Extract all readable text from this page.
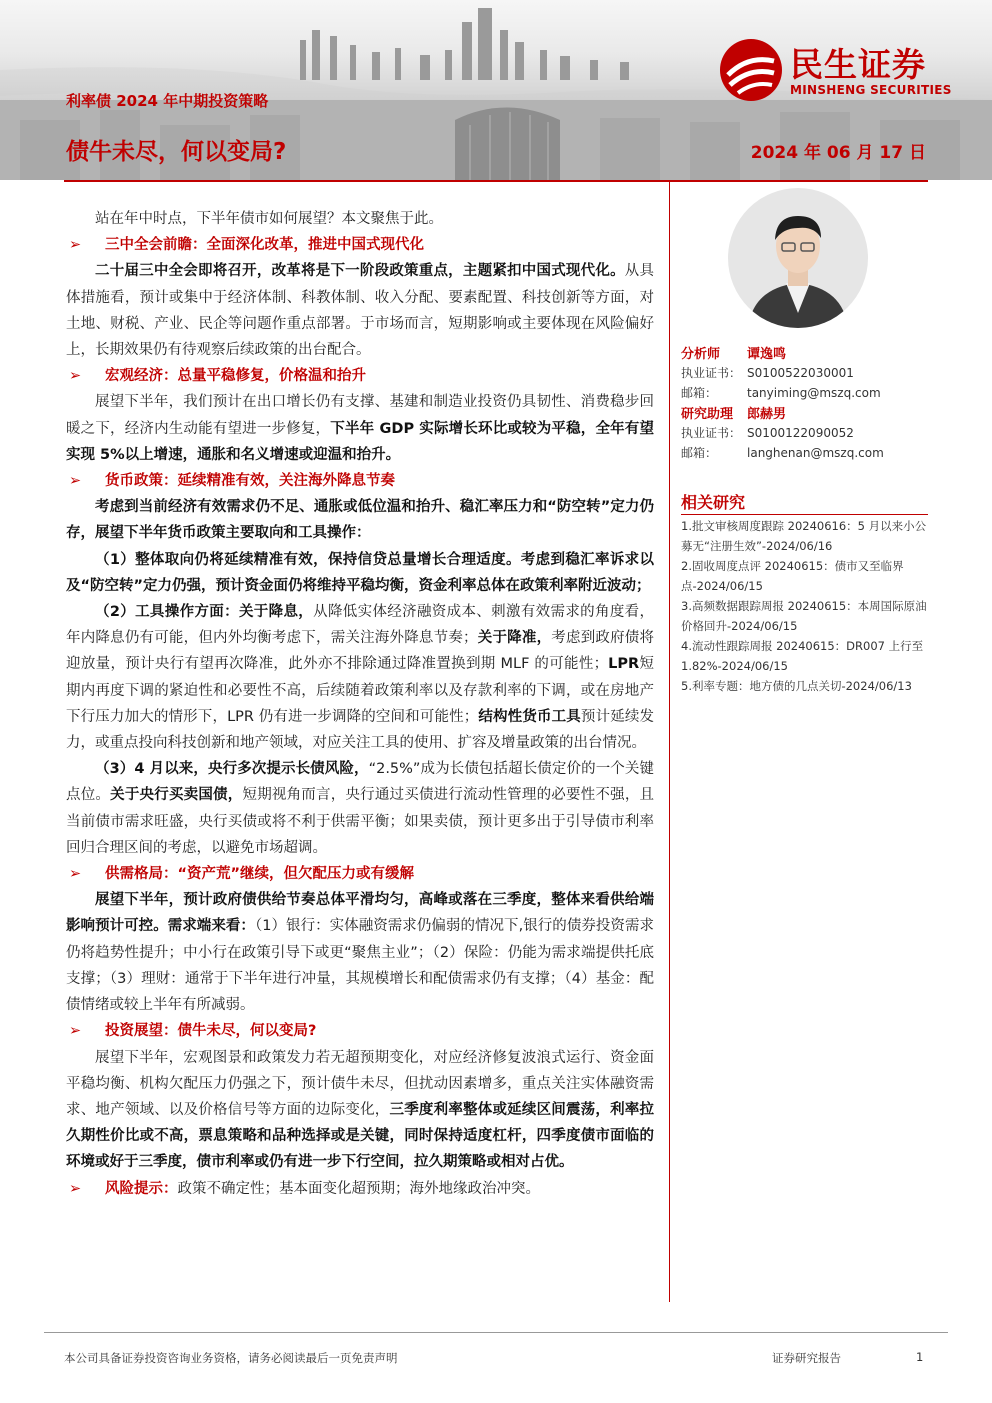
利率债 2024 年中期投资策略
债牛未尽，何以变局?	2024 年 06 月 17 日
民生证券
MINSHENG SECURITIES

站在年中时点，下半年债市如何展望？本文聚焦于此。

➢ 三中全会前瞻：全面深化改革，推进中国式现代化

二十届三中全会即将召开，改革将是下一阶段政策重点，主题紧扣中国式现代化。从具体措施看，预计或集中于经济体制、科教体制、收入分配、要素配置、科技创新等方面，对土地、财税、产业、民企等问题作重点部署。于市场而言，短期影响或主要体现在风险偏好上，长期效果仍有待观察后续政策的出台配合。

➢ 宏观经济：总量平稳修复，价格温和抬升

展望下半年，我们预计在出口增长仍有支撑、基建和制造业投资仍具韧性、消费稳步回暖之下，经济内生动能有望进一步修复，下半年 GDP 实际增长环比或较为平稳，全年有望实现 5%以上增速，通胀和名义增速或迎温和抬升。

➢ 货币政策：延续精准有效，关注海外降息节奏

考虑到当前经济有效需求仍不足、通胀或低位温和抬升、稳汇率压力和“防空转”定力仍存，展望下半年货币政策主要取向和工具操作：

（1）整体取向仍将延续精准有效，保持信贷总量增长合理适度。考虑到稳汇率诉求以及“防空转”定力仍强，预计资金面仍将维持平稳均衡，资金利率总体在政策利率附近波动；

（2）工具操作方面：关于降息，从降低实体经济融资成本、刺激有效需求的角度看，年内降息仍有可能，但内外均衡考虑下，需关注海外降息节奏；关于降准，考虑到政府债将迎放量，预计央行有望再次降准，此外亦不排除通过降准置换到期 MLF 的可能性；LPR短期内再度下调的紧迫性和必要性不高，后续随着政策利率以及存款利率的下调，或在房地产下行压力加大的情形下，LPR 仍有进一步调降的空间和可能性；结构性货币工具预计延续发力，或重点投向科技创新和地产领域，对应关注工具的使用、扩容及增量政策的出台情况。

（3）4 月以来，央行多次提示长债风险，“2.5%”成为长债包括超长债定价的一个关键点位。关于央行买卖国债，短期视角而言，央行通过买债进行流动性管理的必要性不强，且当前债市需求旺盛，央行买债或将不利于供需平衡；如果卖债，预计更多出于引导债市利率回归合理区间的考虑，以避免市场超调。

➢ 供需格局：“资产荒”继续，但欠配压力或有缓解

展望下半年，预计政府债供给节奏总体平滑均匀，高峰或落在三季度，整体来看供给端影响预计可控。需求端来看：（1）银行：实体融资需求仍偏弱的情况下,银行的债券投资需求仍将趋势性提升；中小行在政策引导下或更“聚焦主业”；（2）保险：仍能为需求端提供托底支撑；（3）理财：通常于下半年进行冲量，其规模增长和配债需求仍有支撑；（4）基金：配债情绪或较上半年有所减弱。

➢ 投资展望：债牛未尽，何以变局?

展望下半年，宏观图景和政策发力若无超预期变化，对应经济修复波浪式运行、资金面平稳均衡、机构欠配压力仍强之下，预计债牛未尽，但扰动因素增多，重点关注实体融资需求、地产领域、以及价格信号等方面的边际变化，三季度利率整体或延续区间震荡，利率拉久期性价比或不高，票息策略和品种选择或是关键，同时保持适度杠杆，四季度债市面临的环境或好于三季度，债市利率或仍有进一步下行空间，拉久期策略或相对占优。

➢ 风险提示：政策不确定性；基本面变化超预期；海外地缘政治冲突。
分析师 谭逸鸣
执业证书： S0100522030001
邮箱： tanyiming@mszq.com
研究助理 郎赫男
执业证书： S0100122090052
邮箱： langhenan@mszq.com
相关研究
1.批文审核周度跟踪 20240616：5 月以来小公募无“注册生效”-2024/06/16
2.固收周度点评 20240615：债市又至临界点-2024/06/15
3.高频数据跟踪周报 20240615：本周国际原油价格回升-2024/06/15
4.流动性跟踪周报 20240615：DR007 上行至 1.82%-2024/06/15
5.利率专题：地方债的几点关切-2024/06/13
本公司具备证券投资咨询业务资格，请务必阅读最后一页免责声明	证券研究报告	1
